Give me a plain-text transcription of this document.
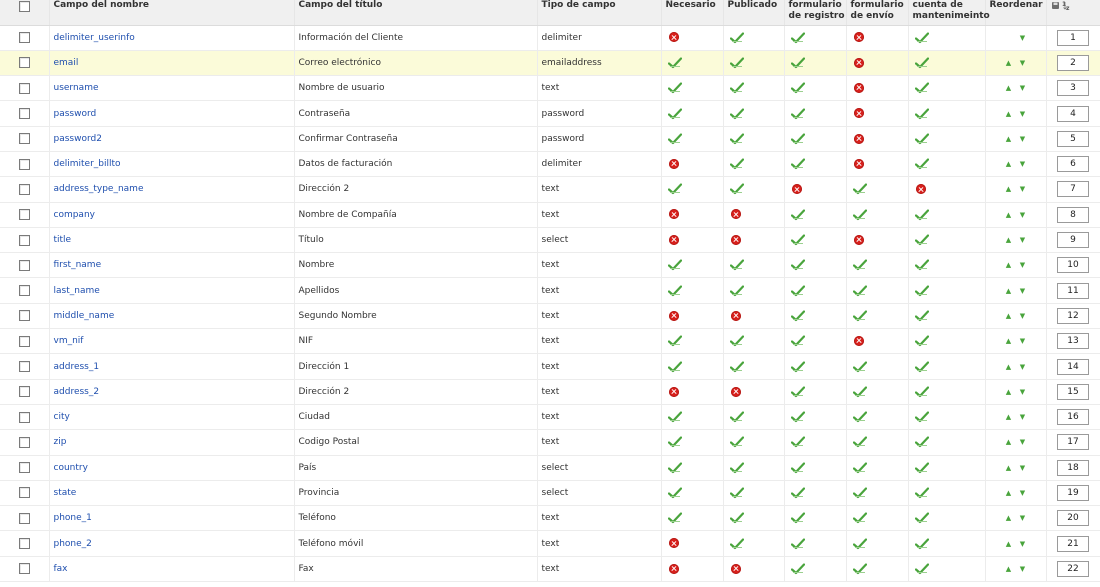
	Campo del nombre	Campo del título	Tipo de campo	Necesario	Publicado	formulario de registro	formulario de envío	cuenta de mantenimeinto	Reordenar	1
z

	delimiter_userinfo	Información del Cliente	delimiter						▼	1
	email	Correo electrónico	emailaddress						▲ ▼	2
	username	Nombre de usuario	text						▲ ▼	3
	password	Contraseña	password						▲ ▼	4
	password2	Confirmar Contraseña	password						▲ ▼	5
	delimiter_billto	Datos de facturación	delimiter						▲ ▼	6
	address_type_name	Dirección 2	text						▲ ▼	7
	company	Nombre de Compañía	text						▲ ▼	8
	title	Título	select						▲ ▼	9
	first_name	Nombre	text						▲ ▼	10
	last_name	Apellidos	text						▲ ▼	11
	middle_name	Segundo Nombre	text						▲ ▼	12
	vm_nif	NIF	text						▲ ▼	13
	address_1	Dirección 1	text						▲ ▼	14
	address_2	Dirección 2	text						▲ ▼	15
	city	Ciudad	text						▲ ▼	16
	zip	Codigo Postal	text						▲ ▼	17
	country	País	select						▲ ▼	18
	state	Provincia	select						▲ ▼	19
	phone_1	Teléfono	text						▲ ▼	20
	phone_2	Teléfono móvil	text						▲ ▼	21
	fax	Fax	text						▲ ▼	22
